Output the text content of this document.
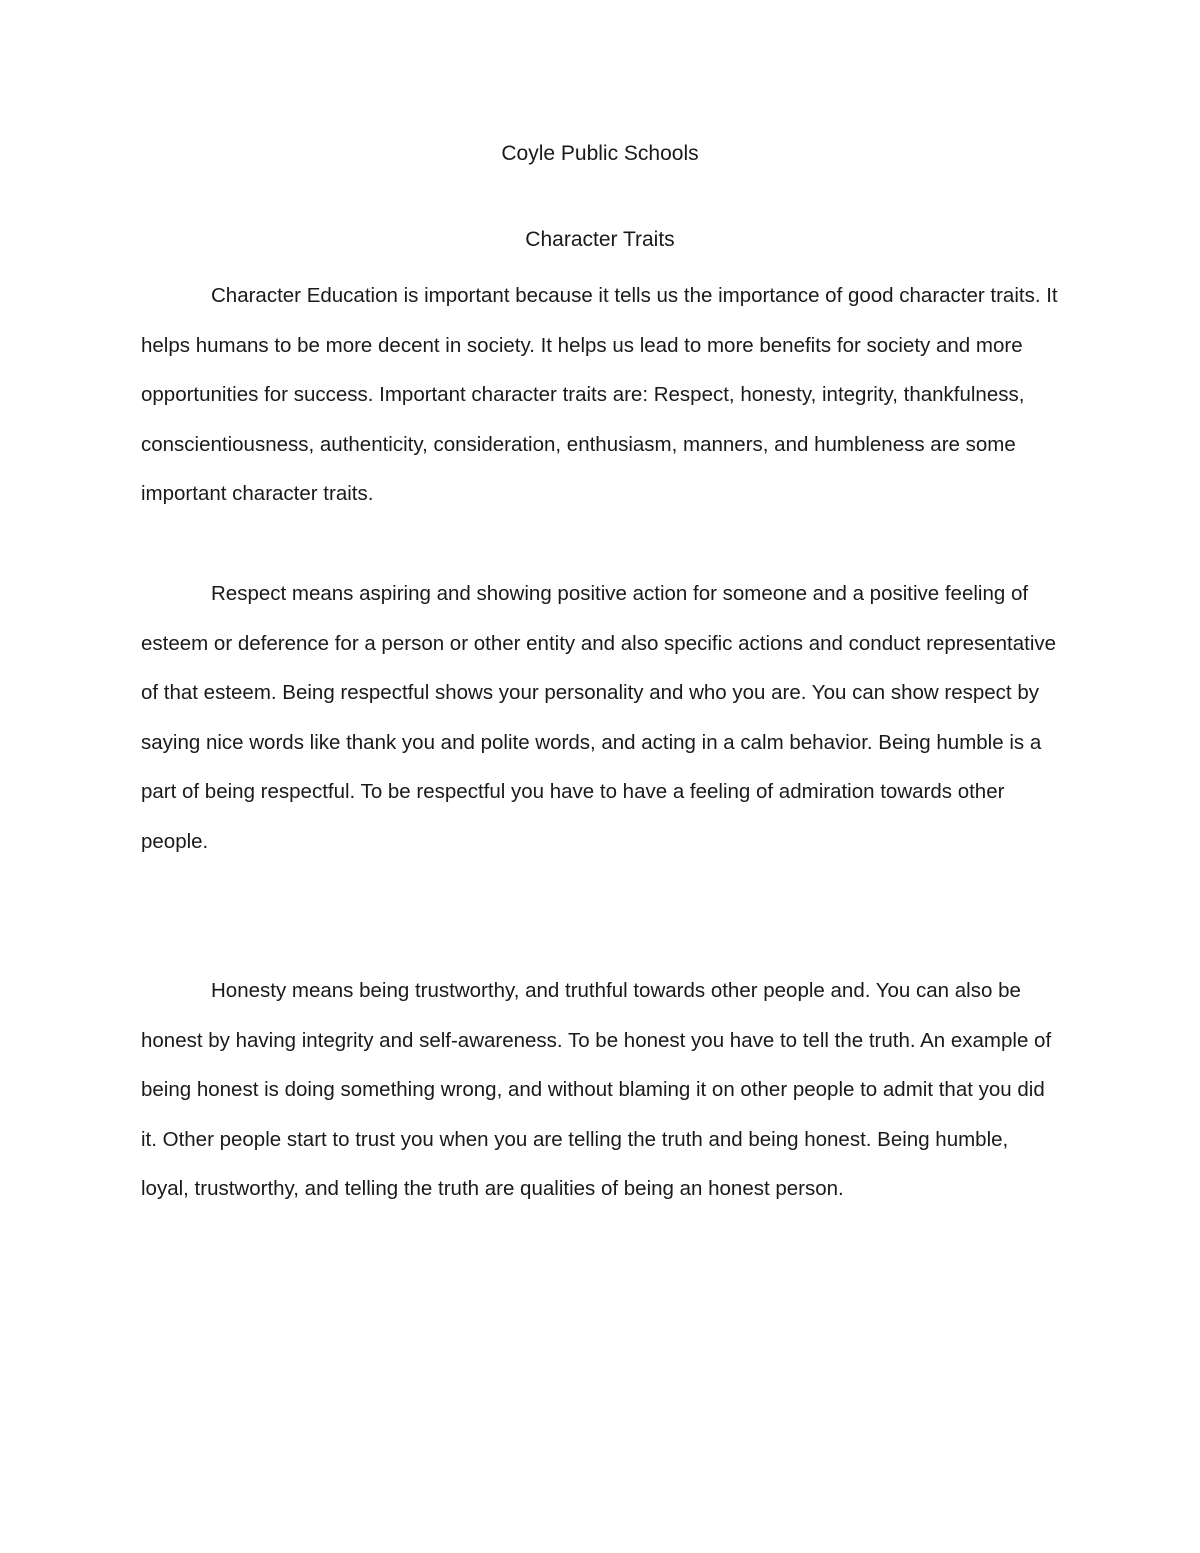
Coyle Public Schools
Character Traits

Character Education is important because it tells us the importance of good character traits. It helps humans to be more decent in society. It helps us lead to more benefits for society and more opportunities for success. Important character traits are: Respect, honesty, integrity, thankfulness, conscientiousness, authenticity, consideration, enthusiasm, manners, and humbleness are some important character traits.

Respect means aspiring and showing positive action for someone and a positive feeling of esteem or deference for a person or other entity and also specific actions and conduct representative of that esteem. Being respectful shows your personality and who you are. You can show respect by saying nice words like thank you and polite words, and acting in a calm behavior. Being humble is a part of being respectful. To be respectful you have to have a feeling of admiration towards other people.

Honesty means being trustworthy, and truthful towards other people and. You can also be honest by having integrity and self-awareness. To be honest you have to tell the truth. An example of being honest is doing something wrong, and without blaming it on other people to admit that you did it. Other people start to trust you when you are telling the truth and being honest. Being humble, loyal, trustworthy, and telling the truth are qualities of being an honest person.
